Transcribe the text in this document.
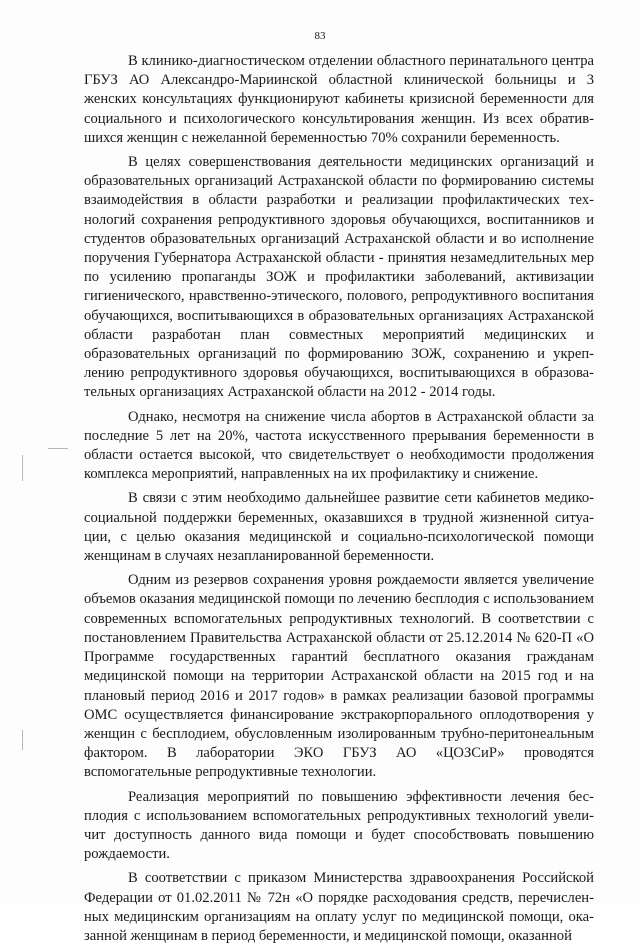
83

В клинико-диагностическом отделении областного перинатального центра ГБУЗ АО Александро-Мариинской областной клинической больницы и 3 женских консультациях функционируют кабинеты кризисной беременности для социального и психологического консультирования женщин. Из всех обратившихся женщин с нежеланной беременностью 70% сохранили беременность.

В целях совершенствования деятельности медицинских организаций и образовательных организаций Астраханской области по формированию системы взаимодействия в области разработки и реализации профилактических технологий сохранения репродуктивного здоровья обучающихся, воспитанников и студентов образовательных организаций Астраханской области и во исполнение поручения Губернатора Астраханской области - принятия незамедлительных мер по усилению пропаганды ЗОЖ и профилактики заболеваний, активизации гигиенического, нравственно-этического, полового, репродуктивного воспитания обучающихся, воспитывающихся в образовательных организациях Астраханской области разработан план совместных мероприятий медицинских и образовательных организаций по формированию ЗОЖ, сохранению и укреплению репродуктивного здоровья обучающихся, воспитывающихся в образовательных организациях Астраханской области на 2012 - 2014 годы.

Однако, несмотря на снижение числа абортов в Астраханской области за последние 5 лет на 20%, частота искусственного прерывания беременности в области остается высокой, что свидетельствует о необходимости продолжения комплекса мероприятий, направленных на их профилактику и снижение.

В связи с этим необходимо дальнейшее развитие сети кабинетов медико-социальной поддержки беременных, оказавшихся в трудной жизненной ситуации, с целью оказания медицинской и социально-психологической помощи женщинам в случаях незапланированной беременности.

Одним из резервов сохранения уровня рождаемости является увеличение объемов оказания медицинской помощи по лечению бесплодия с использованием современных вспомогательных репродуктивных технологий. В соответствии с постановлением Правительства Астраханской области от 25.12.2014 № 620-П «О Программе государственных гарантий бесплатного оказания гражданам медицинской помощи на территории Астраханской области на 2015 год и на плановый период 2016 и 2017 годов» в рамках реализации базовой программы ОМС осуществляется финансирование экстракорпорального оплодотворения у женщин с бесплодием, обусловленным изолированным трубно-перитонеальным фактором. В лаборатории ЭКО ГБУЗ АО «ЦОЗСиР» проводятся вспомогательные репродуктивные технологии.

Реализация мероприятий по повышению эффективности лечения бесплодия с использованием вспомогательных репродуктивных технологий увеличит доступность данного вида помощи и будет способствовать повышению рождаемости.

В соответствии с приказом Министерства здравоохранения Российской Федерации от 01.02.2011 № 72н «О порядке расходования средств, перечисленных медицинским организациям на оплату услуг по медицинской помощи, оказанной женщинам в период беременности, и медицинской помощи, оказанной
